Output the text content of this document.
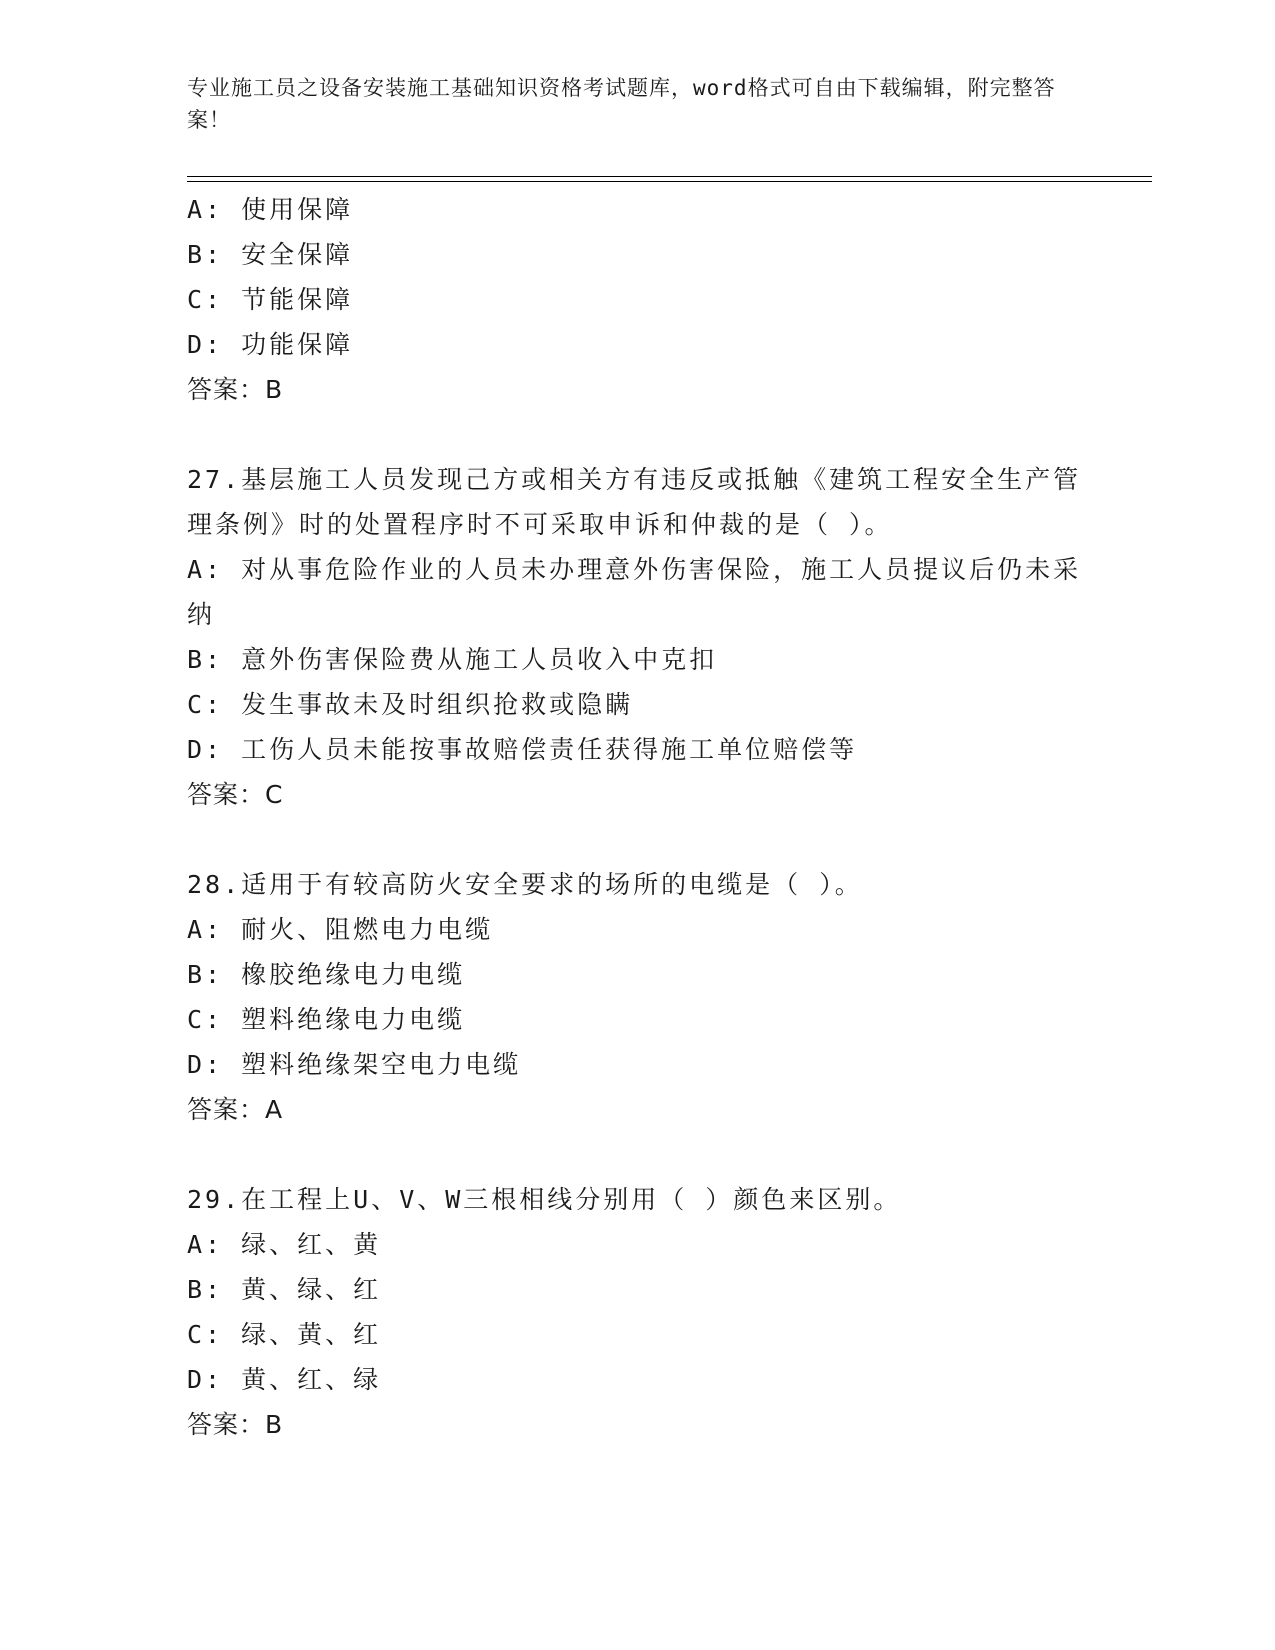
专业施工员之设备安装施工基础知识资格考试题库，word格式可自由下载编辑，附完整答案！
A: 使用保障
B: 安全保障
C: 节能保障
D: 功能保障
答案：B
27.基层施工人员发现己方或相关方有违反或抵触《建筑工程安全生产管理条例》时的处置程序时不可采取申诉和仲裁的是（ ）。
A: 对从事危险作业的人员未办理意外伤害保险，施工人员提议后仍未采纳
B: 意外伤害保险费从施工人员收入中克扣
C: 发生事故未及时组织抢救或隐瞒
D: 工伤人员未能按事故赔偿责任获得施工单位赔偿等
答案：C
28.适用于有较高防火安全要求的场所的电缆是（ ）。
A: 耐火、阻燃电力电缆
B: 橡胶绝缘电力电缆
C: 塑料绝缘电力电缆
D: 塑料绝缘架空电力电缆
答案：A
29.在工程上U、V、W三根相线分别用（ ）颜色来区别。
A: 绿、红、黄
B: 黄、绿、红
C: 绿、黄、红
D: 黄、红、绿
答案：B
